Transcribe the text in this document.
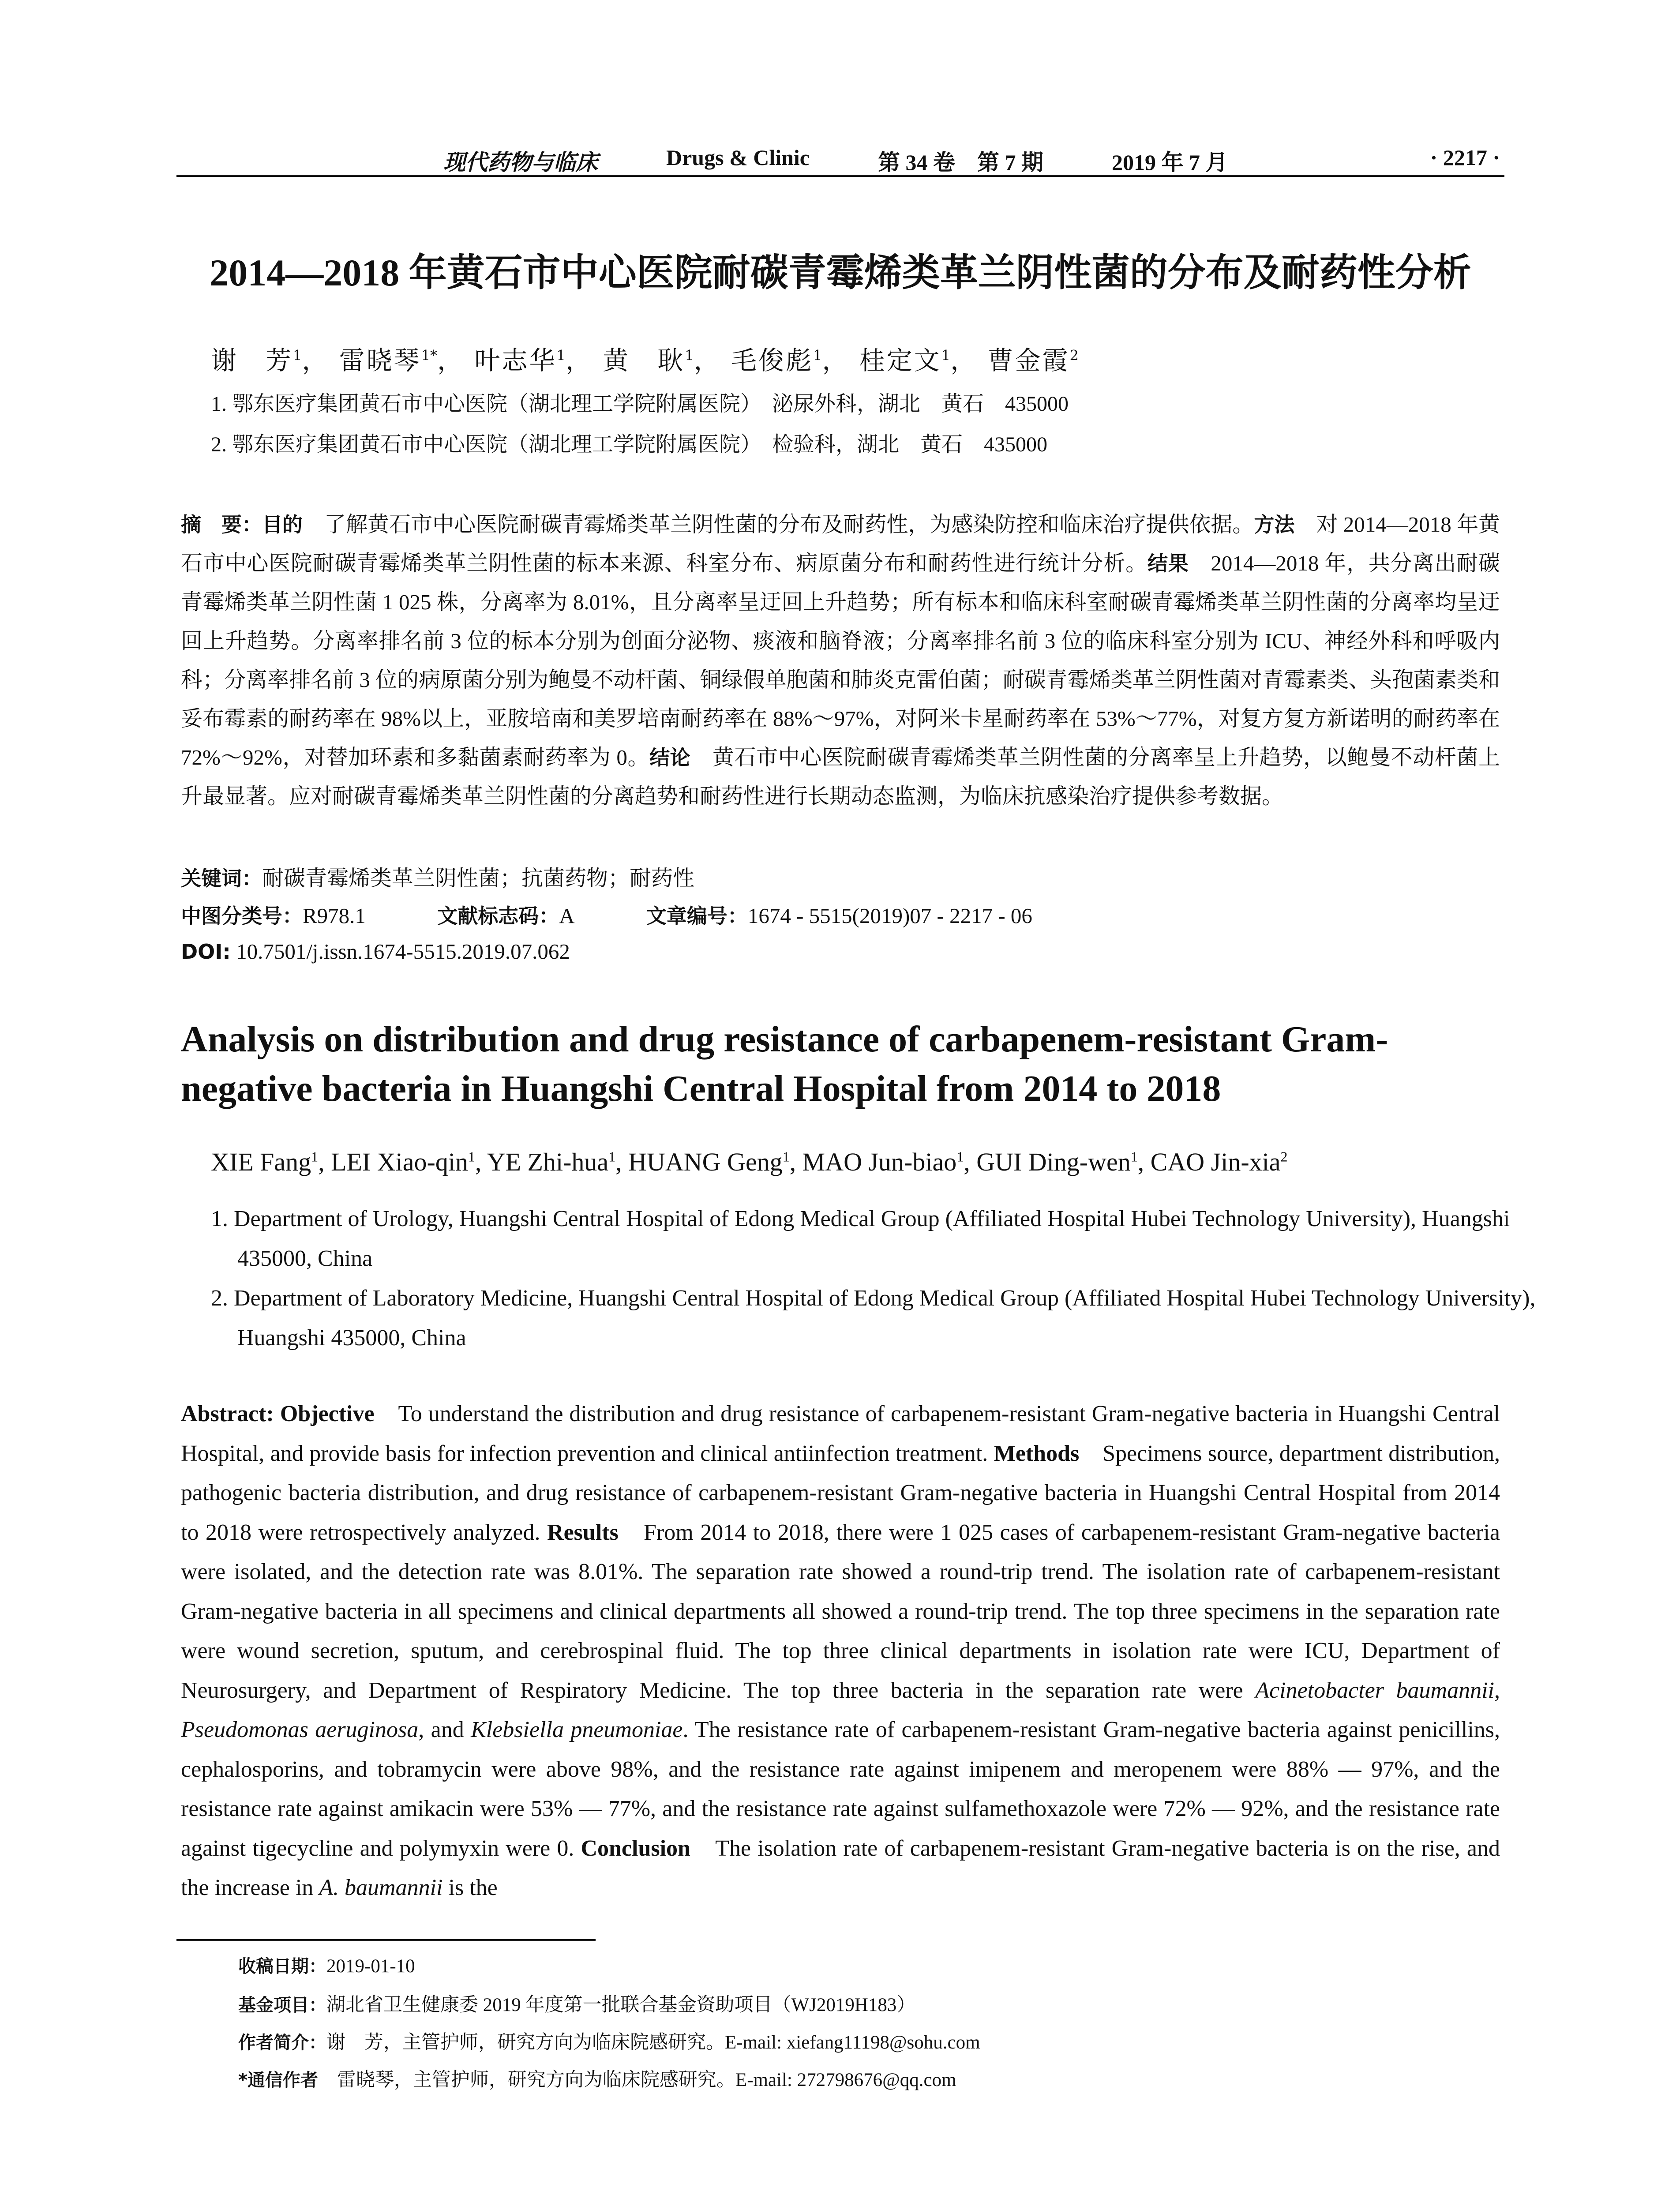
现代药物与临床	Drugs & Clinic	第 34 卷　第 7 期	2019 年 7 月	· 2217 ·
2014—2018 年黄石市中心医院耐碳青霉烯类革兰阴性菌的分布及耐药性分析
谢　芳$^1$， 雷晓琴$^{1*}$， 叶志华$^1$， 黄　耿$^1$， 毛俊彪$^1$， 桂定文$^1$， 曹金霞$^2$
1. 鄂东医疗集团黄石市中心医院（湖北理工学院附属医院）　泌尿外科，湖北　黄石　435000
2. 鄂东医疗集团黄石市中心医院（湖北理工学院附属医院）　检验科，湖北　黄石　435000
摘　要：目的　了解黄石市中心医院耐碳青霉烯类革兰阴性菌的分布及耐药性，为感染防控和临床治疗提供依据。方法　对 2014—2018 年黄石市中心医院耐碳青霉烯类革兰阴性菌的标本来源、科室分布、病原菌分布和耐药性进行统计分析。结果　2014—2018 年，共分离出耐碳青霉烯类革兰阴性菌 1 025 株，分离率为 8.01%，且分离率呈迂回上升趋势；所有标本和临床科室耐碳青霉烯类革兰阴性菌的分离率均呈迂回上升趋势。分离率排名前 3 位的标本分别为创面分泌物、痰液和脑脊液；分离率排名前 3 位的临床科室分别为 ICU、神经外科和呼吸内科；分离率排名前 3 位的病原菌分别为鲍曼不动杆菌、铜绿假单胞菌和肺炎克雷伯菌；耐碳青霉烯类革兰阴性菌对青霉素类、头孢菌素类和妥布霉素的耐药率在 98%以上，亚胺培南和美罗培南耐药率在 88%～97%，对阿米卡星耐药率在 53%～77%，对复方复方新诺明的耐药率在 72%～92%，对替加环素和多黏菌素耐药率为 0。结论　黄石市中心医院耐碳青霉烯类革兰阴性菌的分离率呈上升趋势，以鲍曼不动杆菌上升最显著。应对耐碳青霉烯类革兰阴性菌的分离趋势和耐药性进行长期动态监测，为临床抗感染治疗提供参考数据。
关键词：耐碳青霉烯类革兰阴性菌；抗菌药物；耐药性
中图分类号：R978.1	文献标志码：A	文章编号：1674 - 5515(2019)07 - 2217 - 06
DOI: 10.7501/j.issn.1674-5515.2019.07.062
Analysis on distribution and drug resistance of carbapenem-resistant Gram-negative bacteria in Huangshi Central Hospital from 2014 to 2018
XIE Fang$^1$, LEI Xiao-qin$^1$, YE Zhi-hua$^1$, HUANG Geng$^1$, MAO Jun-biao$^1$, GUI Ding-wen$^1$, CAO Jin-xia$^2$
1. Department of Urology, Huangshi Central Hospital of Edong Medical Group (Affiliated Hospital Hubei Technology University), Huangshi 435000, China
2. Department of Laboratory Medicine, Huangshi Central Hospital of Edong Medical Group (Affiliated Hospital Hubei Technology University), Huangshi 435000, China
Abstract: Objective　To understand the distribution and drug resistance of carbapenem-resistant Gram-negative bacteria in Huangshi Central Hospital, and provide basis for infection prevention and clinical antiinfection treatment. Methods　Specimens source, department distribution, pathogenic bacteria distribution, and drug resistance of carbapenem-resistant Gram-negative bacteria in Huangshi Central Hospital from 2014 to 2018 were retrospectively analyzed. Results　From 2014 to 2018, there were 1 025 cases of carbapenem-resistant Gram-negative bacteria were isolated, and the detection rate was 8.01%. The separation rate showed a round-trip trend. The isolation rate of carbapenem-resistant Gram-negative bacteria in all specimens and clinical departments all showed a round-trip trend. The top three specimens in the separation rate were wound secretion, sputum, and cerebrospinal fluid. The top three clinical departments in isolation rate were ICU, Department of Neurosurgery, and Department of Respiratory Medicine. The top three bacteria in the separation rate were Acinetobacter baumannii, Pseudomonas aeruginosa, and Klebsiella pneumoniae. The resistance rate of carbapenem-resistant Gram-negative bacteria against penicillins, cephalosporins, and tobramycin were above 98%, and the resistance rate against imipenem and meropenem were 88% — 97%, and the resistance rate against amikacin were 53% — 77%, and the resistance rate against sulfamethoxazole were 72% — 92%, and the resistance rate against tigecycline and polymyxin were 0. Conclusion　The isolation rate of carbapenem-resistant Gram-negative bacteria is on the rise, and the increase in A. baumannii is the
收稿日期：2019-01-10
基金项目：湖北省卫生健康委 2019 年度第一批联合基金资助项目（WJ2019H183）
作者简介：谢　芳，主管护师，研究方向为临床院感研究。E-mail: xiefang11198@sohu.com
*通信作者　雷晓琴，主管护师，研究方向为临床院感研究。E-mail: 272798676@qq.com
